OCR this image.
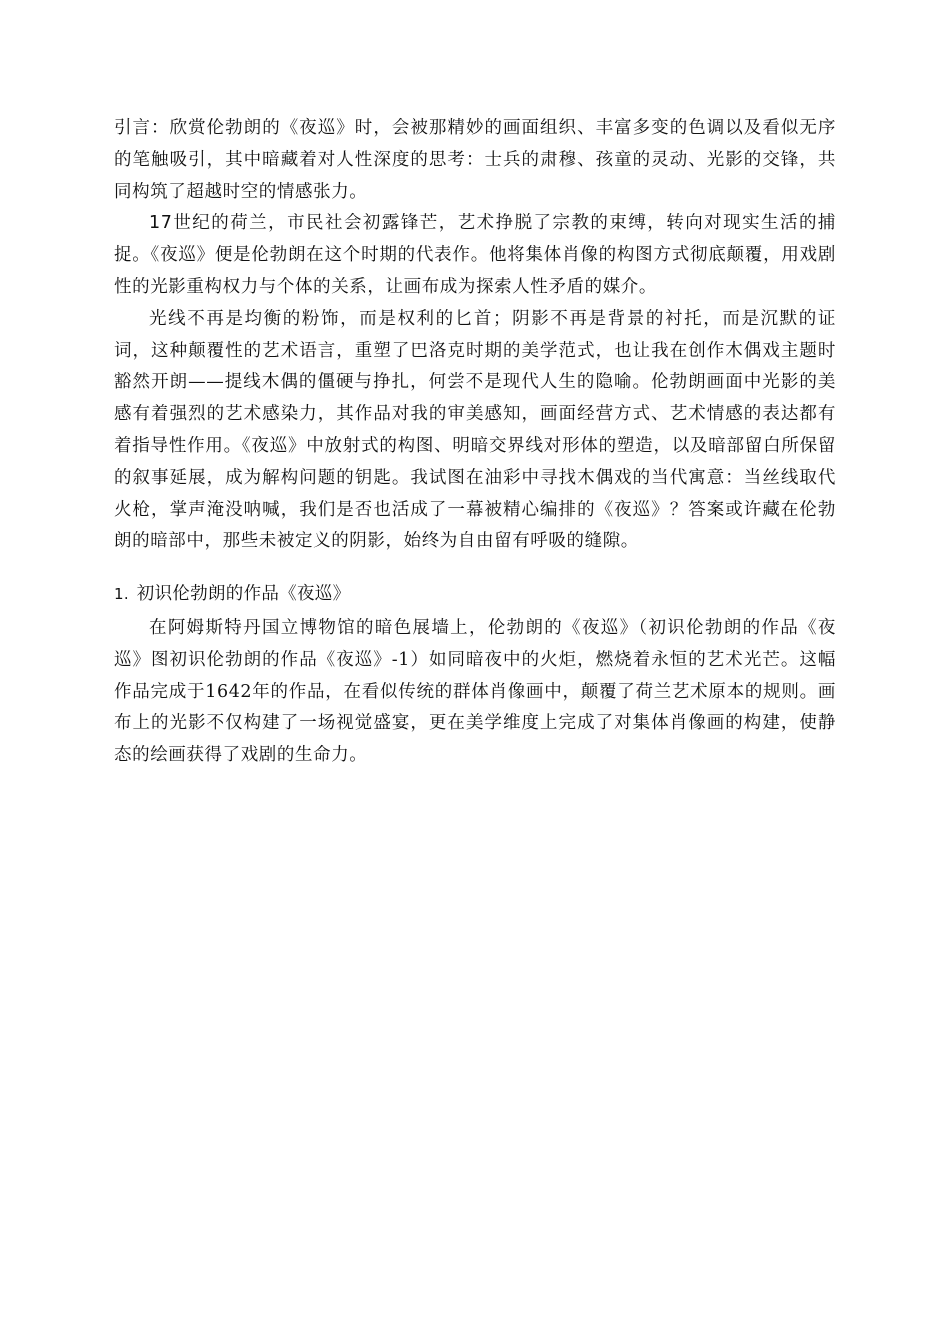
引言：欣赏伦勃朗的《夜巡》时，会被那精妙的画面组织、丰富多变的色调以及看似无序的笔触吸引，其中暗藏着对人性深度的思考：士兵的肃穆、孩童的灵动、光影的交锋，共同构筑了超越时空的情感张力。

17世纪的荷兰，市民社会初露锋芒，艺术挣脱了宗教的束缚，转向对现实生活的捕捉。《夜巡》便是伦勃朗在这个时期的代表作。他将集体肖像的构图方式彻底颠覆，用戏剧性的光影重构权力与个体的关系，让画布成为探索人性矛盾的媒介。

光线不再是均衡的粉饰，而是权利的匕首；阴影不再是背景的衬托，而是沉默的证词，这种颠覆性的艺术语言，重塑了巴洛克时期的美学范式，也让我在创作木偶戏主题时豁然开朗——提线木偶的僵硬与挣扎，何尝不是现代人生的隐喻。伦勃朗画面中光影的美感有着强烈的艺术感染力，其作品对我的审美感知，画面经营方式、艺术情感的表达都有着指导性作用。《夜巡》中放射式的构图、明暗交界线对形体的塑造，以及暗部留白所保留的叙事延展，成为解构问题的钥匙。我试图在油彩中寻找木偶戏的当代寓意：当丝线取代火枪，掌声淹没呐喊，我们是否也活成了一幕被精心编排的《夜巡》？答案或许藏在伦勃朗的暗部中，那些未被定义的阴影，始终为自由留有呼吸的缝隙。

1. 初识伦勃朗的作品《夜巡》

在阿姆斯特丹国立博物馆的暗色展墙上，伦勃朗的《夜巡》（初识伦勃朗的作品《夜巡》图初识伦勃朗的作品《夜巡》-1）如同暗夜中的火炬，燃烧着永恒的艺术光芒。这幅作品完成于1642年的作品，在看似传统的群体肖像画中，颠覆了荷兰艺术原本的规则。画布上的光影不仅构建了一场视觉盛宴，更在美学维度上完成了对集体肖像画的构建，使静态的绘画获得了戏剧的生命力。
